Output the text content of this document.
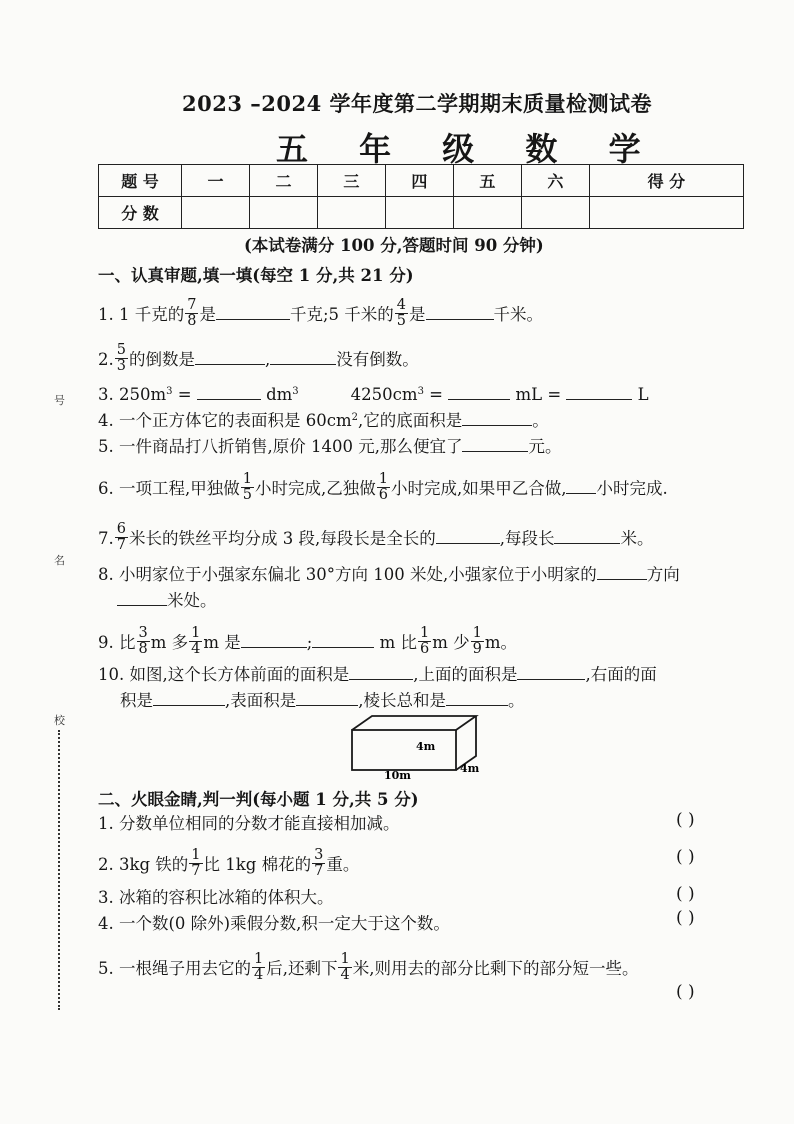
2023 –2024 学年度第二学期期末质量检测试卷
五 年 级 数 学
题 号	一	二	三	四	五	六	得 分
分 数							
(本试卷满分 100 分,答题时间 90 分钟)
一、认真审题,填一填(每空 1 分,共 21 分)
1. 1 千克的 $\frac{7}{8}$ 是	千克;5 千米的 $\frac{4}{5}$ 是	千米。
2. $\frac{5}{3}$ 的倒数是	,	没有倒数。
3. $250m^3$ =	$dm^3$	$4250cm^3$ =	mL =	L
4. 一个正方体它的表面积是 $60cm^2$,它的底面积是	。
5. 一件商品打八折销售,原价 1400 元,那么便宜了	元。
6. 一项工程,甲独做 $\frac{1}{5}$ 小时完成,乙独做 $\frac{1}{6}$ 小时完成,如果甲乙合做, 小时完成.
7. $\frac{6}{7}$ 米长的铁丝平均分成 3 段,每段长是全长的	,每段长	米。
8. 小明家位于小强家东偏北 30°方向 100 米处,小强家位于小明家的	方向
米处。
9. 比 $\frac{3}{8}$ m 多 $\frac{1}{4}$ m 是	;	m 比 $\frac{1}{6}$ m 少 $\frac{1}{9}$ m。
10. 如图,这个长方体前面的面积是	,上面的面积是	,右面的面
积是	,表面积是	,棱长总和是	。
4m
10m
4m
二、火眼金睛,判一判(每小题 1 分,共 5 分)
1. 分数单位相同的分数才能直接相加减。	( )
2. 3kg 铁的 $\frac{1}{7}$ 比 1kg 棉花的 $\frac{3}{7}$ 重。	( )
3. 冰箱的容积比冰箱的体积大。	( )
4. 一个数(0 除外)乘假分数,积一定大于这个数。	( )
5. 一根绳子用去它的 $\frac{1}{4}$ 后,还剩下 $\frac{1}{4}$ 米,则用去的部分比剩下的部分短一些。
( )
号
名
校
